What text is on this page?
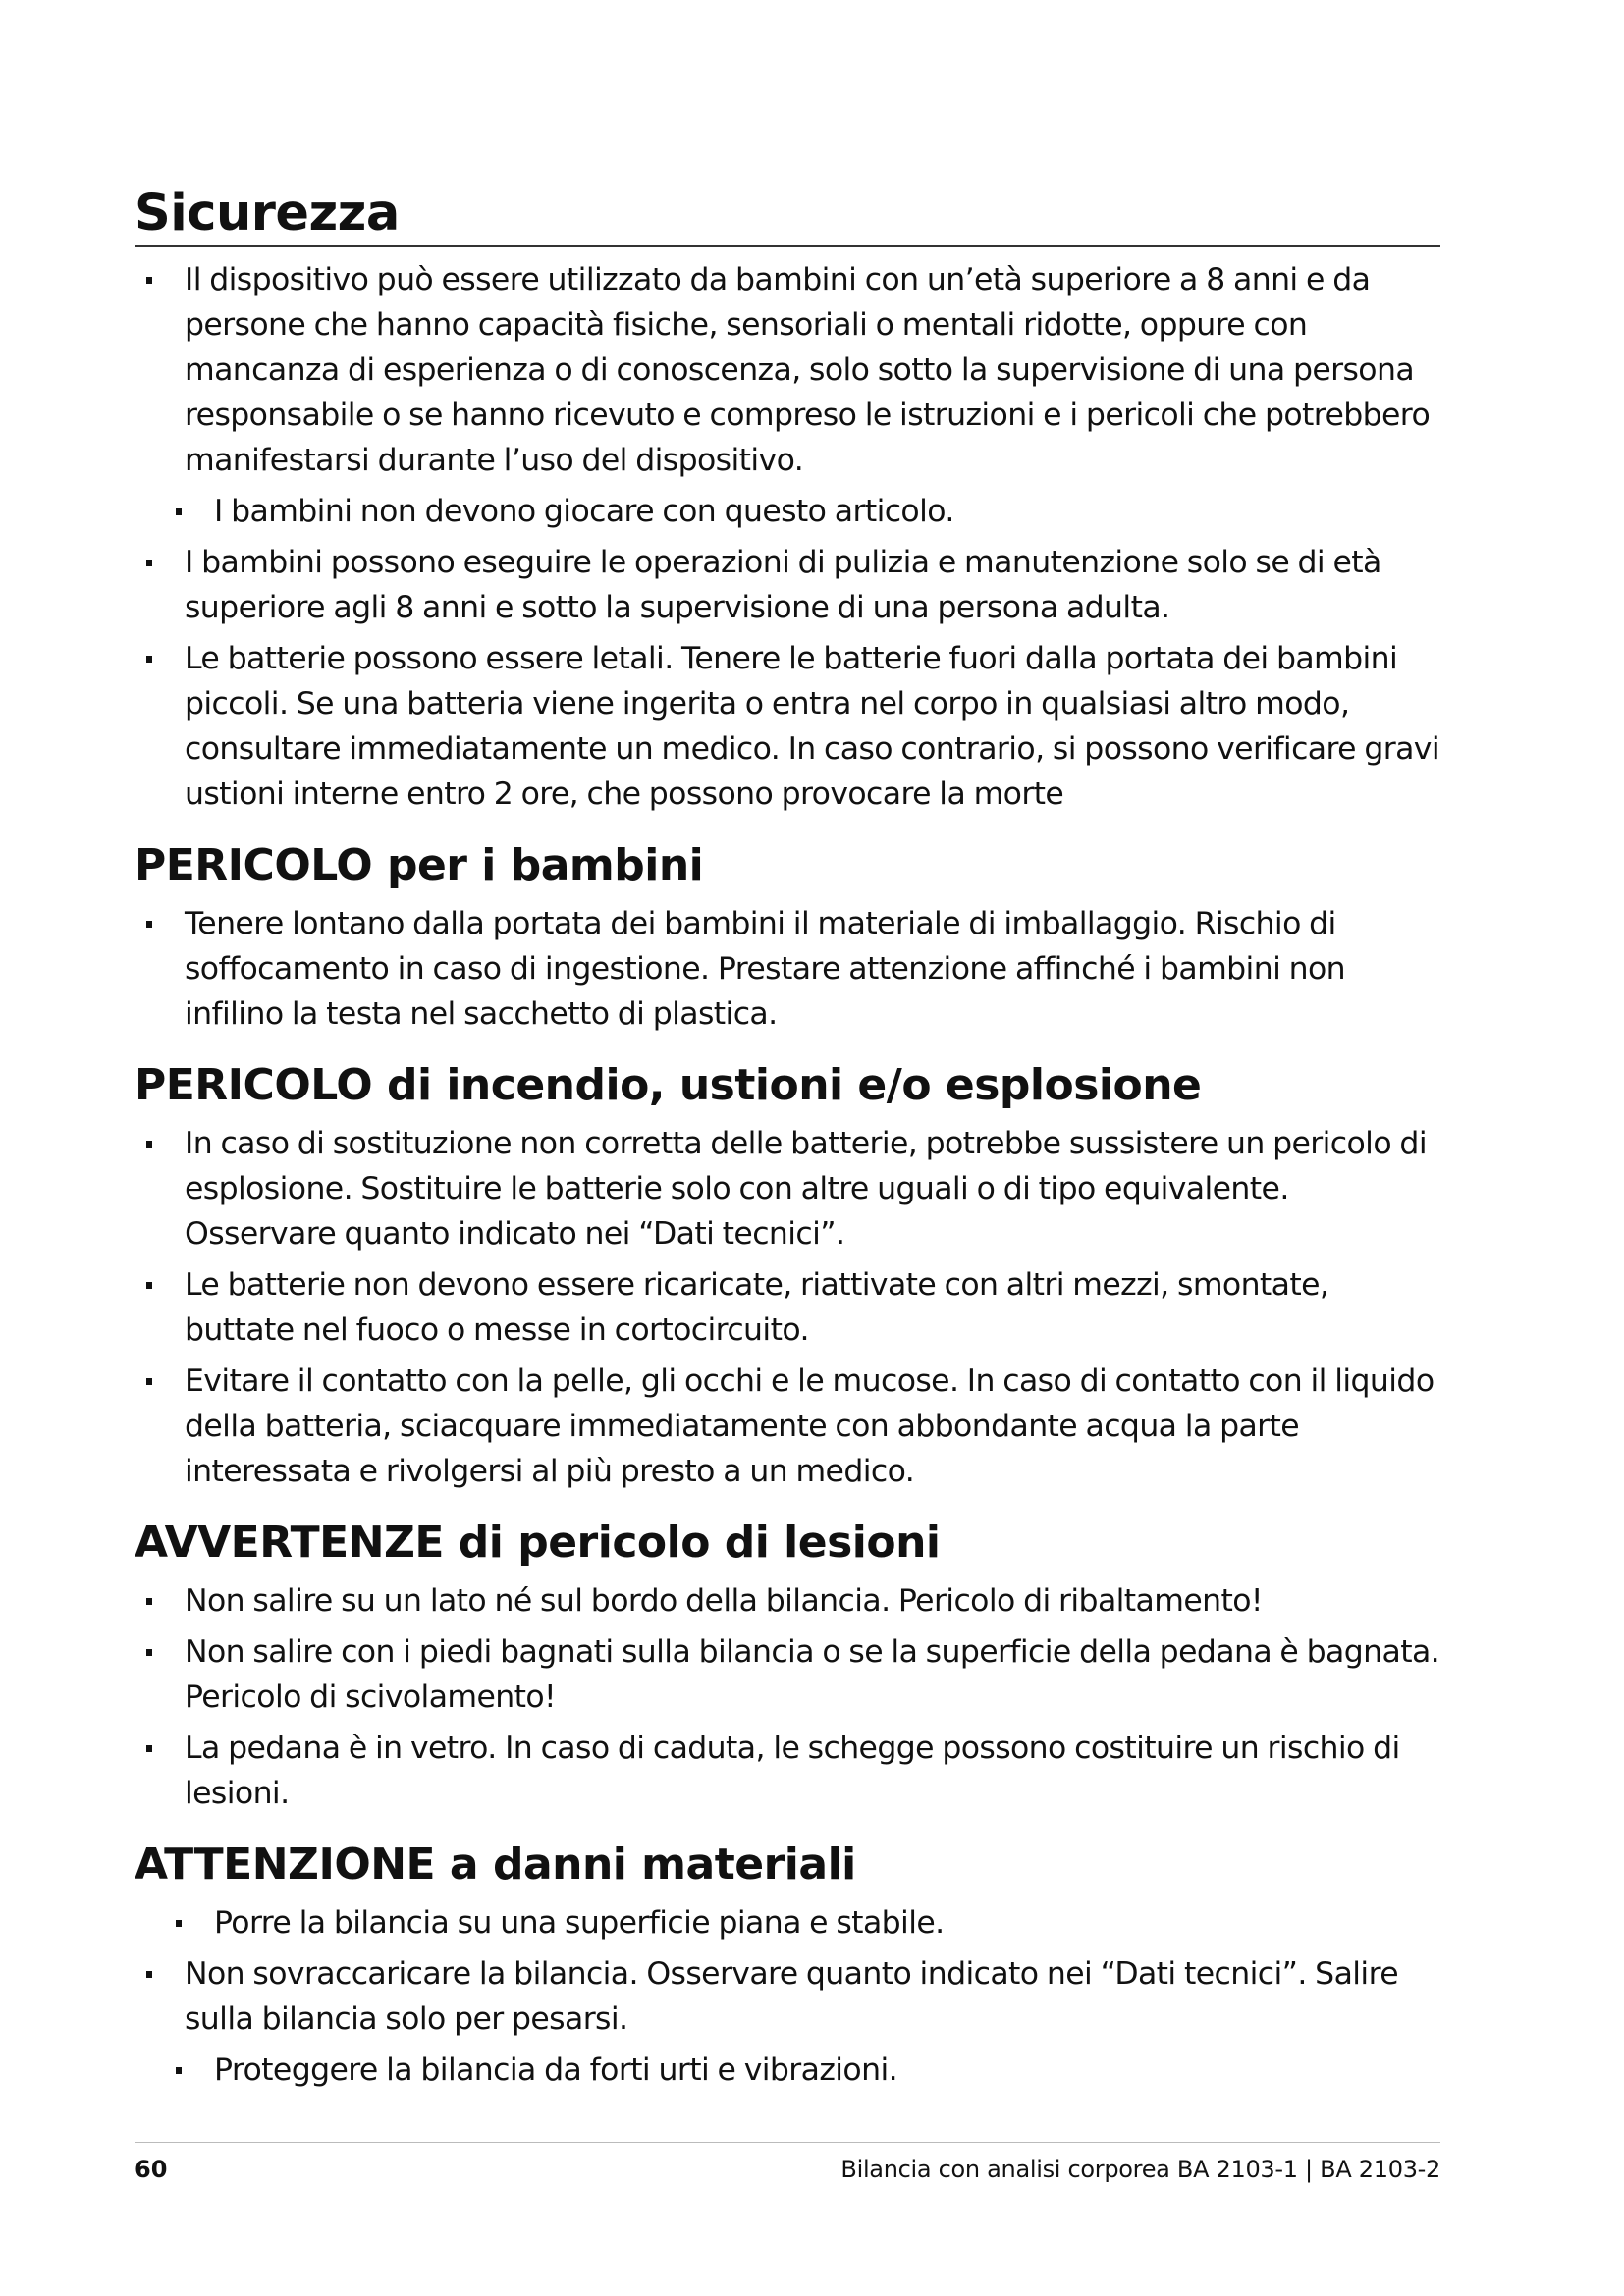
Sicurezza
Il dispositivo può essere utilizzato da bambini con un’età superiore a 8 anni e da persone che hanno capacità fisiche, sensoriali o mentali ridotte, oppure con mancanza di esperienza o di conoscenza, solo sotto la supervisione di una persona responsabile o se hanno ricevuto e compreso le istruzioni e i pericoli che potrebbero manifestarsi durante l’uso del dispositivo.
I bambini non devono giocare con questo articolo.
I bambini possono eseguire le operazioni di pulizia e manutenzione solo se di età superiore agli 8 anni e sotto la supervisione di una persona adulta.
Le batterie possono essere letali. Tenere le batterie fuori dalla portata dei bambini piccoli. Se una batteria viene ingerita o entra nel corpo in qualsiasi altro modo, consultare immediatamente un medico. In caso contrario, si possono verificare gravi ustioni interne entro 2 ore, che possono provocare la morte
PERICOLO per i bambini
Tenere lontano dalla portata dei bambini il materiale di imballaggio. Rischio di soffocamento in caso di ingestione. Prestare attenzione affinché i bambini non infilino la testa nel sacchetto di plastica.
PERICOLO di incendio, ustioni e/o esplosione
In caso di sostituzione non corretta delle batterie, potrebbe sussistere un pericolo di esplosione. Sostituire le batterie solo con altre uguali o di tipo equivalente. Osservare quanto indicato nei “Dati tecnici”.
Le batterie non devono essere ricaricate, riattivate con altri mezzi, smontate, buttate nel fuoco o messe in cortocircuito.
Evitare il contatto con la pelle, gli occhi e le mucose. In caso di contatto con il liquido della batteria, sciacquare immediatamente con abbondante acqua la parte interessata e rivolgersi al più presto a un medico.
AVVERTENZE di pericolo di lesioni
Non salire su un lato né sul bordo della bilancia. Pericolo di ribaltamento!
Non salire con i piedi bagnati sulla bilancia o se la superficie della pedana è bagnata. Pericolo di scivolamento!
La pedana è in vetro. In caso di caduta, le schegge possono costituire un rischio di lesioni.
ATTENZIONE a danni materiali
Porre la bilancia su una superficie piana e stabile.
Non sovraccaricare la bilancia. Osservare quanto indicato nei “Dati tecnici”. Salire sulla bilancia solo per pesarsi.
Proteggere la bilancia da forti urti e vibrazioni.
60	Bilancia con analisi corporea BA 2103-1 | BA 2103-2
